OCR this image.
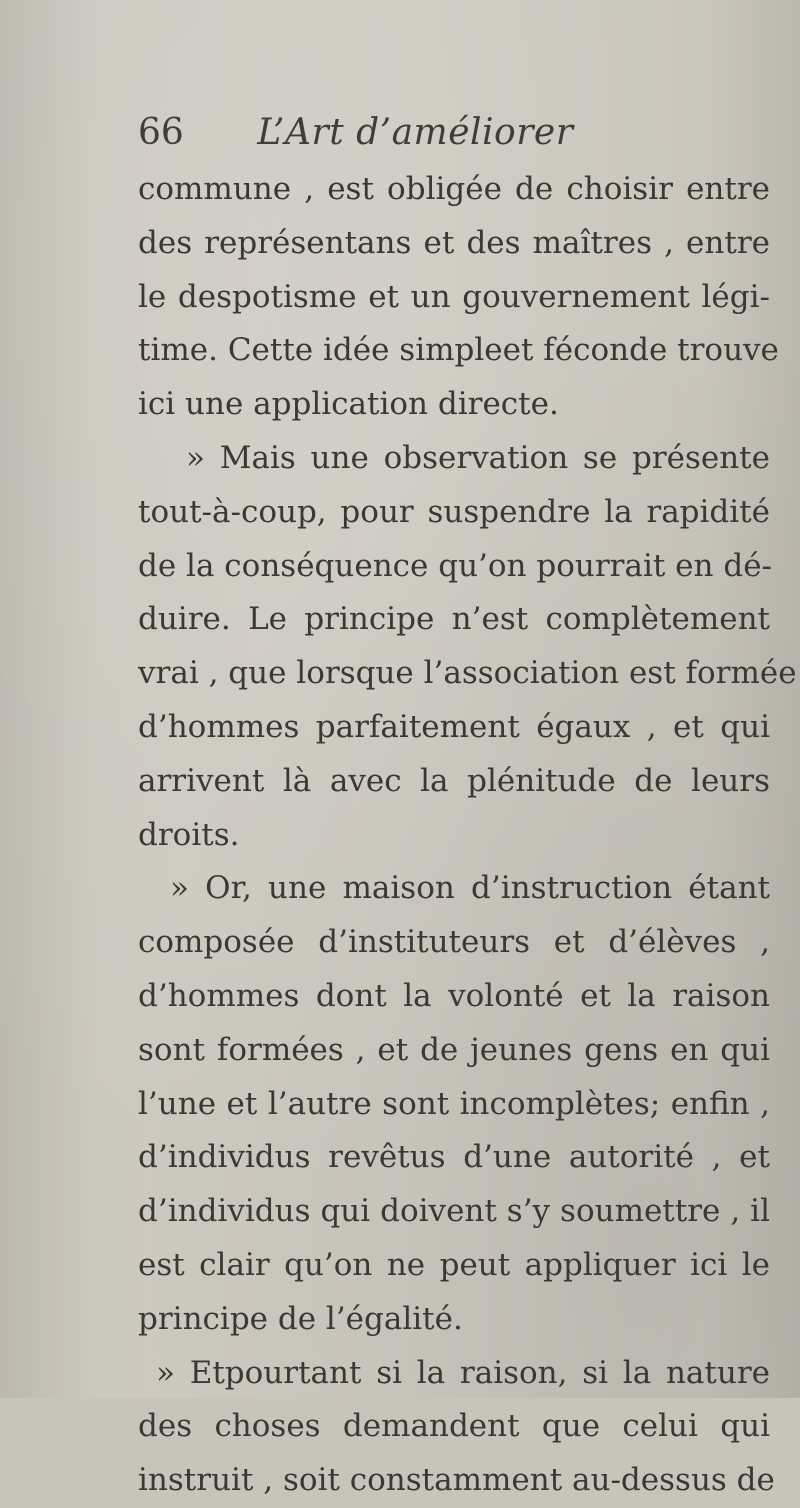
66 L’Art d’améliorer
commune , est obligée de choisir entre
des représentans et des maîtres , entre
le despotisme et un gouvernement légi-
time. Cette idée simpleet féconde trouve
ici une application directe.
» Mais une observation se présente
tout-à-coup, pour suspendre la rapidité
de la conséquence qu’on pourrait en dé-
duire. Le principe n’est complètement
vrai , que lorsque l’association est formée
d’hommes parfaitement égaux , et qui
arrivent là avec la plénitude de leurs
droits.
» Or, une maison d’instruction étant
composée d’instituteurs et d’élèves ,
d’hommes dont la volonté et la raison
sont formées , et de jeunes gens en qui
l’une et l’autre sont incomplètes; enfin ,
d’individus revêtus d’une autorité , et
d’individus qui doivent s’y soumettre , il
est clair qu’on ne peut appliquer ici le
principe de l’égalité.
» Etpourtant si la raison, si la nature
des choses demandent que celui qui
instruit , soit constamment au-dessus de
